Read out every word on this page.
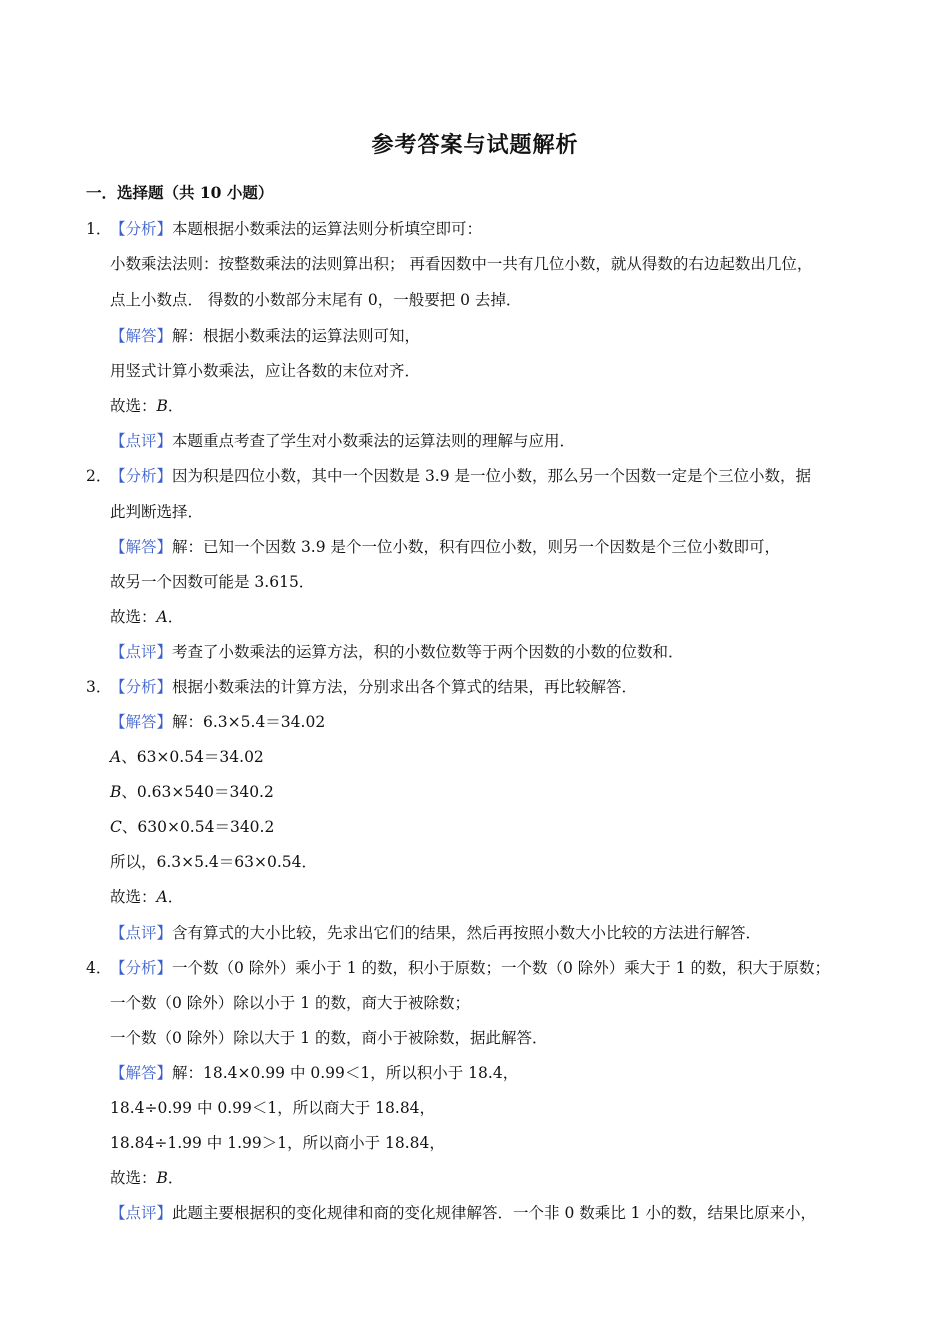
参考答案与试题解析
一．选择题（共 10 小题）
1．
【分析】本题根据小数乘法的运算法则分析填空即可：
小数乘法法则：按整数乘法的法则算出积； 再看因数中一共有几位小数，就从得数的右边起数出几位，
点上小数点． 得数的小数部分末尾有 0，一般要把 0 去掉．
【解答】解：根据小数乘法的运算法则可知，
用竖式计算小数乘法，应让各数的末位对齐．
故选：B．
【点评】本题重点考查了学生对小数乘法的运算法则的理解与应用．
2．
【分析】因为积是四位小数，其中一个因数是 3.9 是一位小数，那么另一个因数一定是个三位小数，据
此判断选择．
【解答】解：已知一个因数 3.9 是个一位小数，积有四位小数，则另一个因数是个三位小数即可，
故另一个因数可能是 3.615．
故选：A．
【点评】考查了小数乘法的运算方法，积的小数位数等于两个因数的小数的位数和．
3．
【分析】根据小数乘法的计算方法，分别求出各个算式的结果，再比较解答．
【解答】解：6.3×5.4＝34.02
A、63×0.54＝34.02
B、0.63×540＝340.2
C、630×0.54＝340.2
所以，6.3×5.4＝63×0.54．
故选：A．
【点评】含有算式的大小比较，先求出它们的结果，然后再按照小数大小比较的方法进行解答．
4．
【分析】一个数（0 除外）乘小于 1 的数，积小于原数；一个数（0 除外）乘大于 1 的数，积大于原数；
一个数（0 除外）除以小于 1 的数，商大于被除数；
一个数（0 除外）除以大于 1 的数，商小于被除数，据此解答．
【解答】解：18.4×0.99 中 0.99＜1，所以积小于 18.4，
18.4÷0.99 中 0.99＜1，所以商大于 18.84，
18.84÷1.99 中 1.99＞1，所以商小于 18.84，
故选：B．
【点评】此题主要根据积的变化规律和商的变化规律解答．一个非 0 数乘比 1 小的数，结果比原来小，
